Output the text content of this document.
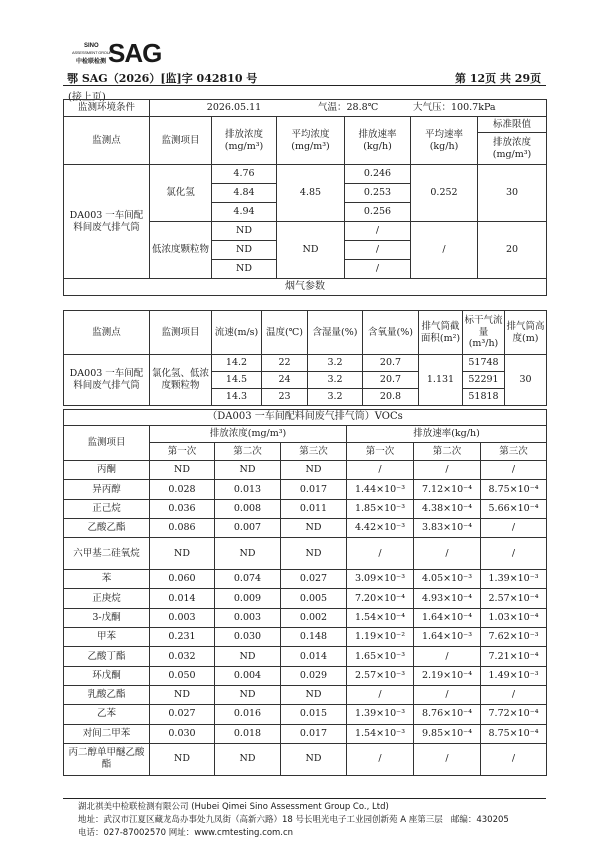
SINO
ASSESSMENT GROUP
中检联检测 SAG
鄂 SAG（2026）[监]字 042810 号	第 12页 共 29页
(接上页)
监测环境条件	2026.05.11 气温：28.8℃ 大气压：100.7kPa					
监测点	监测项目	排放浓度(mg/m³)	平均浓度(mg/m³)	排放速率(kg/h)	平均速率(kg/h)	标准限值
排放浓度(mg/m³)

DA003 一车间配料间废气排气筒	氯化氢	4.76	4.85	0.246	0.252	30
		4.84		0.253		
		4.94		0.256		
	低浓度颗粒物	ND	ND	/	/	20
		ND		/		
		ND		/		
烟气参数						
监测点	监测项目	流速(m/s)	温度(℃)	含湿量(%)	含氧量(%)	排气筒截面积(m²)	标干气流量(m³/h)	排气筒高度(m)
DA003 一车间配料间废气排气筒	氯化氢、低浓度颗粒物	14.2	22	3.2	20.7	1.131	51748	30
		14.5	24	3.2	20.7		52291	
		14.3	23	3.2	20.8		51818	
（DA003 一车间配料间废气排气筒）VOCs						
监测项目	排放浓度(mg/m³)			排放速率(kg/h)		
	第一次	第二次	第三次	第一次	第二次	第三次
丙酮	ND	ND	ND	/	/	/
异丙醇	0.028	0.013	0.017	1.44×10⁻³	7.12×10⁻⁴	8.75×10⁻⁴
正己烷	0.036	0.008	0.011	1.85×10⁻³	4.38×10⁻⁴	5.66×10⁻⁴
乙酸乙酯	0.086	0.007	ND	4.42×10⁻³	3.83×10⁻⁴	/
六甲基二硅氧烷	ND	ND	ND	/	/	/
苯	0.060	0.074	0.027	3.09×10⁻³	4.05×10⁻³	1.39×10⁻³
正庚烷	0.014	0.009	0.005	7.20×10⁻⁴	4.93×10⁻⁴	2.57×10⁻⁴
3-戊酮	0.003	0.003	0.002	1.54×10⁻⁴	1.64×10⁻⁴	1.03×10⁻⁴
甲苯	0.231	0.030	0.148	1.19×10⁻²	1.64×10⁻³	7.62×10⁻³
乙酸丁酯	0.032	ND	0.014	1.65×10⁻³	/	7.21×10⁻⁴
环戊酮	0.050	0.004	0.029	2.57×10⁻³	2.19×10⁻⁴	1.49×10⁻³
乳酸乙酯	ND	ND	ND	/	/	/
乙苯	0.027	0.016	0.015	1.39×10⁻³	8.76×10⁻⁴	7.72×10⁻⁴
对间二甲苯	0.030	0.018	0.017	1.54×10⁻³	9.85×10⁻⁴	8.75×10⁻⁴
丙二醇单甲醚乙酸酯	ND	ND	ND	/	/	/
湖北祺美中检联检测有限公司 (Hubei Qimei Sino Assessment Group Co., Ltd)
地址：武汉市江夏区藏龙岛办事处九凤街（高新六路）18 号长咀光电子工业园创新苑 A 座第三层 邮编：430205
电话：027-87002570 网址：www.cmtesting.com.cn
